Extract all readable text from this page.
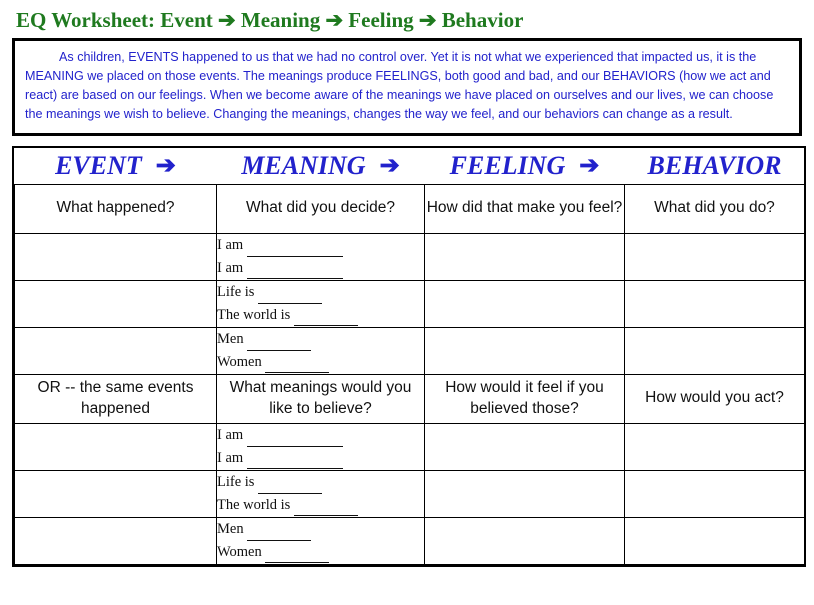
EQ Worksheet: Event ➔ Meaning ➔ Feeling ➔ Behavior
As children, EVENTS happened to us that we had no control over. Yet it is not what we experienced that impacted us, it is the MEANING we placed on those events. The meanings produce FEELINGS, both good and bad, and our BEHAVIORS (how we act and react) are based on our feelings. When we become aware of the meanings we have placed on ourselves and our lives, we can choose the meanings we wish to believe. Changing the meanings, changes the way we feel, and our behaviors can change as a result.
EVENT ➔	MEANING ➔	FEELING ➔	BEHAVIOR

What happened?	What did you decide?	How did that make you feel?	What did you do?

	I am
I am		

	Life is
The world is		

	Men
Women		

OR -- the same events happened	What meanings would you like to believe?	How would it feel if you believed those?	How would you act?

	I am
I am		

	Life is
The world is		

	Men
Women		
